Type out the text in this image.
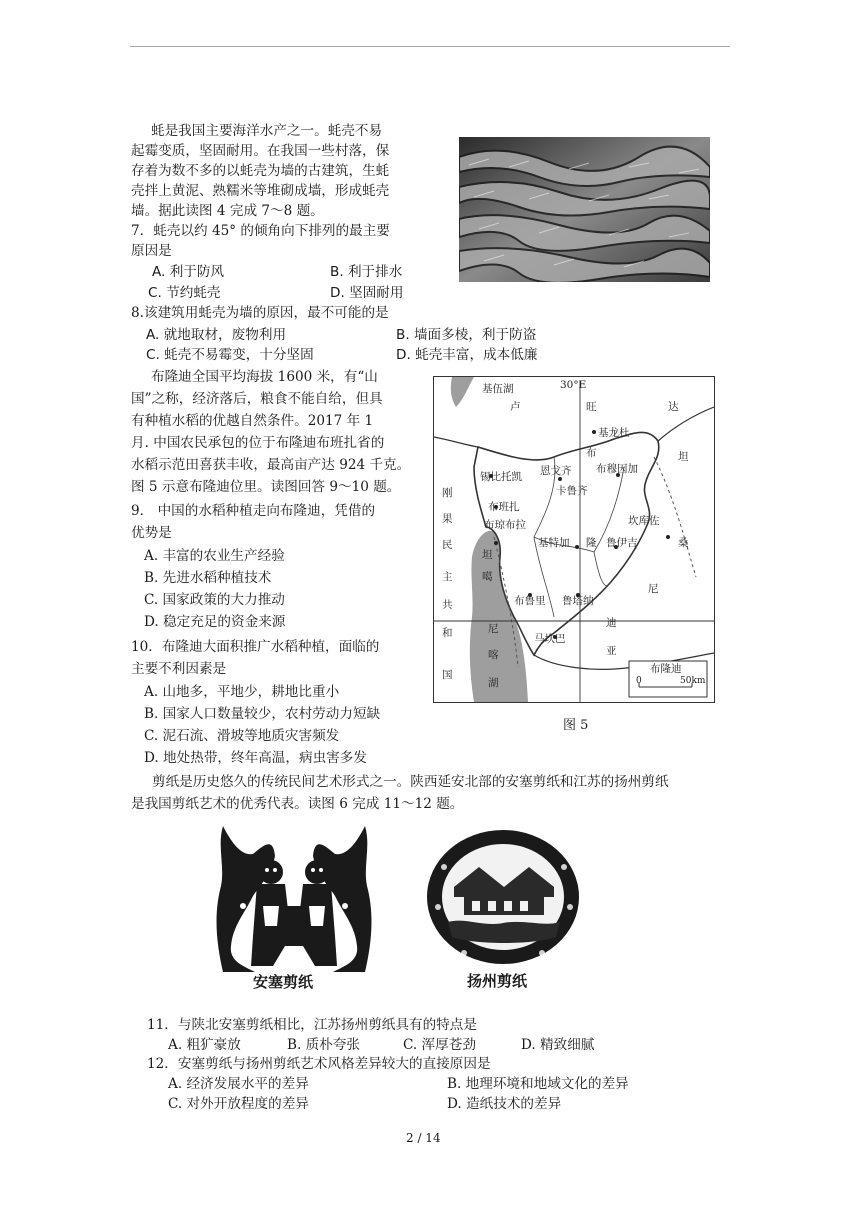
蚝是我国主要海洋水产之一。蚝壳不易
起霉变质，坚固耐用。在我国一些村落，保
存着为数不多的以蚝壳为墙的古建筑，生蚝
壳拌上黄泥、熟糯米等堆砌成墙，形成蚝壳
墙。据此读图 4 完成 7～8 题。
7．蚝壳以约 45° 的倾角向下排列的最主要
原因是
A. 利于防风	B. 利于排水
C. 节约蚝壳	D. 坚固耐用
8.该建筑用蚝壳为墙的原因，最不可能的是
A. 就地取材，废物利用	B. 墙面多棱，利于防盗
C. 蚝壳不易霉变，十分坚固	D. 蚝壳丰富，成本低廉
布隆迪全国平均海拔 1600 米，有“山
国”之称，经济落后，粮食不能自给，但具
有种植水稻的优越自然条件。2017 年 1
月. 中国农民承包的位于布隆迪布班扎省的
水稻示范田喜获丰收，最高亩产达 924 千克。
图 5 示意布隆迪位里。读图回答 9～10 题。
9． 中国的水稻种植走向布隆迪，凭借的
优势是
A. 丰富的农业生产经验
B. 先进水稻种植技术
C. 国家政策的大力推动
D. 稳定充足的资金来源
10．布隆迪大面积推广水稻种植，面临的
主要不利因素是
A. 山地多，平地少，耕地比重小
B. 国家人口数量较少，农村劳动力短缺
C. 泥石流、滑坡等地质灾害频发
D. 地处热带，终年高温，病虫害多发
30°E
基伍湖
卢	旺	达
基龙杜
布
布穆因加
坦
锡比托凯 恩戈齐
卡鲁齐
刚
布班扎
布琼布拉
果	坎库佐
基特加 隆 鲁伊吉	桑
民
坦
噶
主
尼
布鲁里 鲁塔纳
共
尼
马坎巴
迪
和
喀	亚
国
湖
布隆迪
0	50km
图 5
剪纸是历史悠久的传统民间艺术形式之一。陕西延安北部的安塞剪纸和江苏的扬州剪纸
是我国剪纸艺术的优秀代表。读图 6 完成 11～12 题。
安塞剪纸	扬州剪纸
11．与陕北安塞剪纸相比，江苏扬州剪纸具有的特点是
A. 粗犷豪放	B. 质朴夸张	C. 浑厚苍劲	D. 精致细腻
12．安塞剪纸与扬州剪纸艺术风格差异较大的直接原因是
A. 经济发展水平的差异	B. 地理环境和地域文化的差异
C. 对外开放程度的差异	D. 造纸技术的差异
2 / 14
